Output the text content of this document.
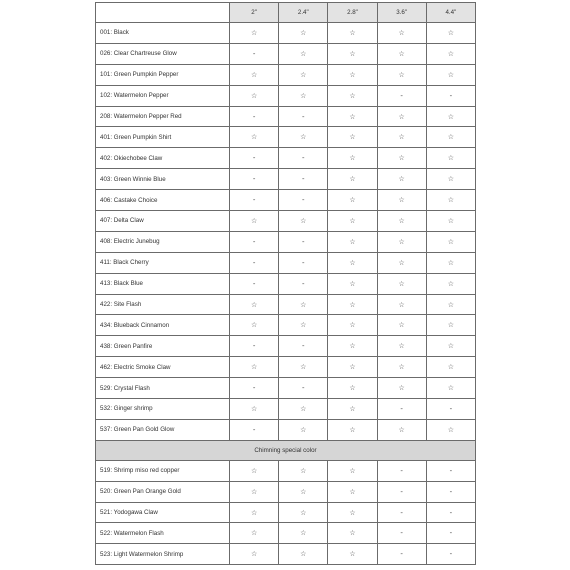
	2"	2.4"	2.8"	3.6"	4.4"
001: Black	☆	☆	☆	☆	☆
026: Clear Chartreuse Glow	-	☆	☆	☆	☆
101: Green Pumpkin Pepper	☆	☆	☆	☆	☆
102: Watermelon Pepper	☆	☆	☆	-	-
208: Watermelon Pepper Red	-	-	☆	☆	☆
401: Green Pumpkin Shirt	☆	☆	☆	☆	☆
402: Okiechobee Claw	-	-	☆	☆	☆
403: Green Winnie Blue	-	-	☆	☆	☆
406: Castake Choice	-	-	☆	☆	☆
407: Delta Claw	☆	☆	☆	☆	☆
408: Electric Junebug	-	-	☆	☆	☆
411: Black Cherry	-	-	☆	☆	☆
413: Black Blue	-	-	☆	☆	☆
422: Site Flash	☆	☆	☆	☆	☆
434: Blueback Cinnamon	☆	☆	☆	☆	☆
438: Green Panfire	-	-	☆	☆	☆
462: Electric Smoke Claw	☆	☆	☆	☆	☆
529: Crystal Flash	-	-	☆	☆	☆
532: Ginger shrimp	☆	☆	☆	-	-
537: Green Pan Gold Glow	-	☆	☆	☆	☆
Chimning special color					
519: Shrimp miso red copper	☆	☆	☆	-	-
520: Green Pan Orange Gold	☆	☆	☆	-	-
521: Yodogawa Claw	☆	☆	☆	-	-
522: Watermelon Flash	☆	☆	☆	-	-
523: Light Watermelon Shrimp	☆	☆	☆	-	-
